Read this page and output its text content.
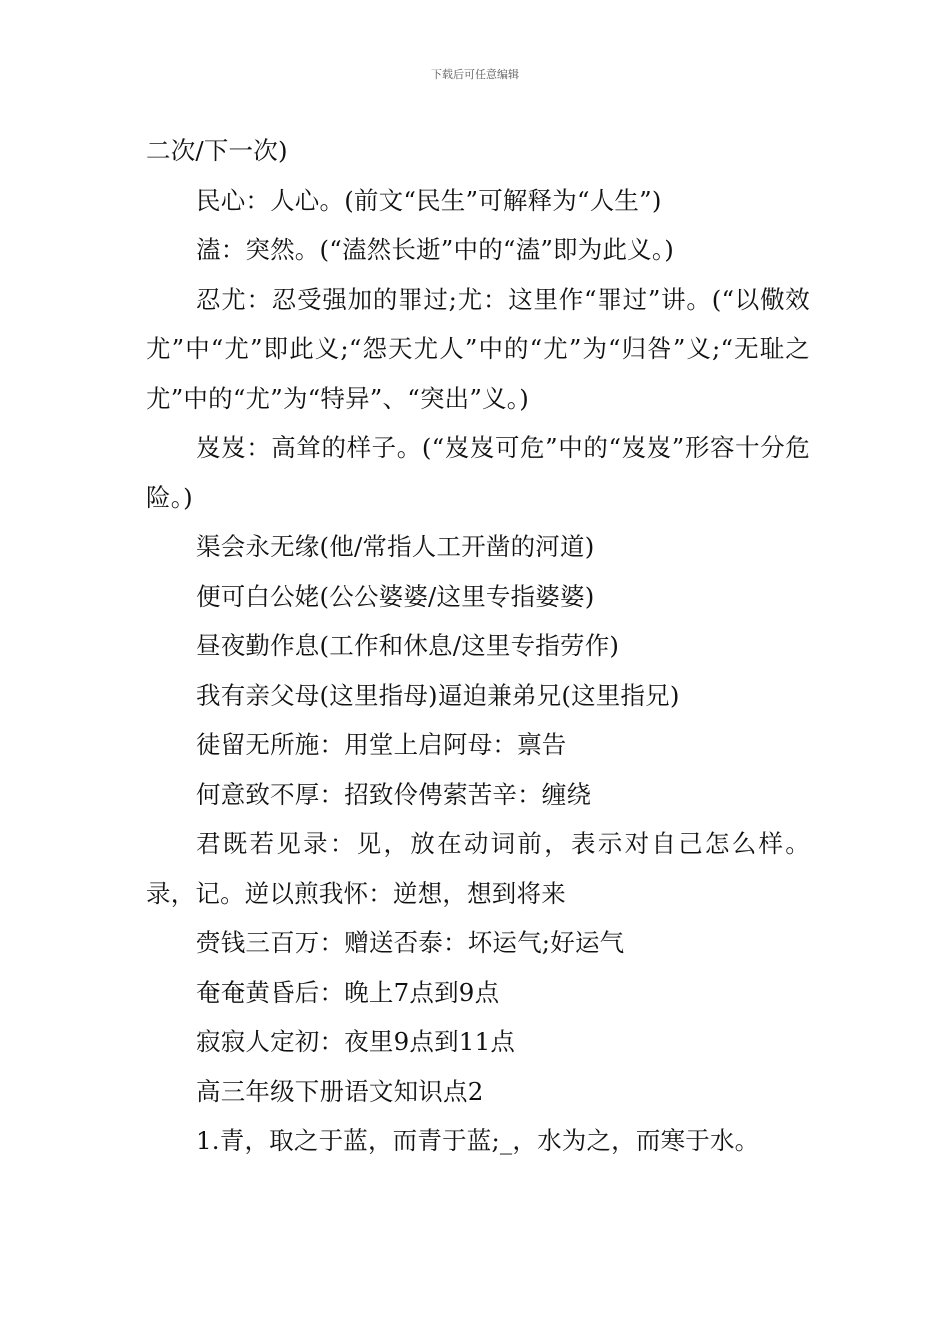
下载后可任意编辑

二次/下一次)

民心：人心。(前文“民生”可解释为“人生”)

溘：突然。(“溘然长逝”中的“溘”即为此义。)

忍尤：忍受强加的罪过;尤：这里作“罪过”讲。(“以儆效尤”中“尤”即此义;“怨天尤人”中的“尤”为“归咎”义;“无耻之尤”中的“尤”为“特异”、“突出”义。)

岌岌：高耸的样子。(“岌岌可危”中的“岌岌”形容十分危险。)

渠会永无缘(他/常指人工开凿的河道)

便可白公姥(公公婆婆/这里专指婆婆)

昼夜勤作息(工作和休息/这里专指劳作)

我有亲父母(这里指母)逼迫兼弟兄(这里指兄)

徒留无所施：用堂上启阿母：禀告

何意致不厚：招致伶俜萦苦辛：缠绕

君既若见录：见，放在动词前，表示对自己怎么样。录，记。逆以煎我怀：逆想，想到将来

赍钱三百万：赠送否泰：坏运气;好运气

奄奄黄昏后：晚上7点到9点

寂寂人定初：夜里9点到11点

高三年级下册语文知识点2

1.青，取之于蓝，而青于蓝;_，水为之，而寒于水。
